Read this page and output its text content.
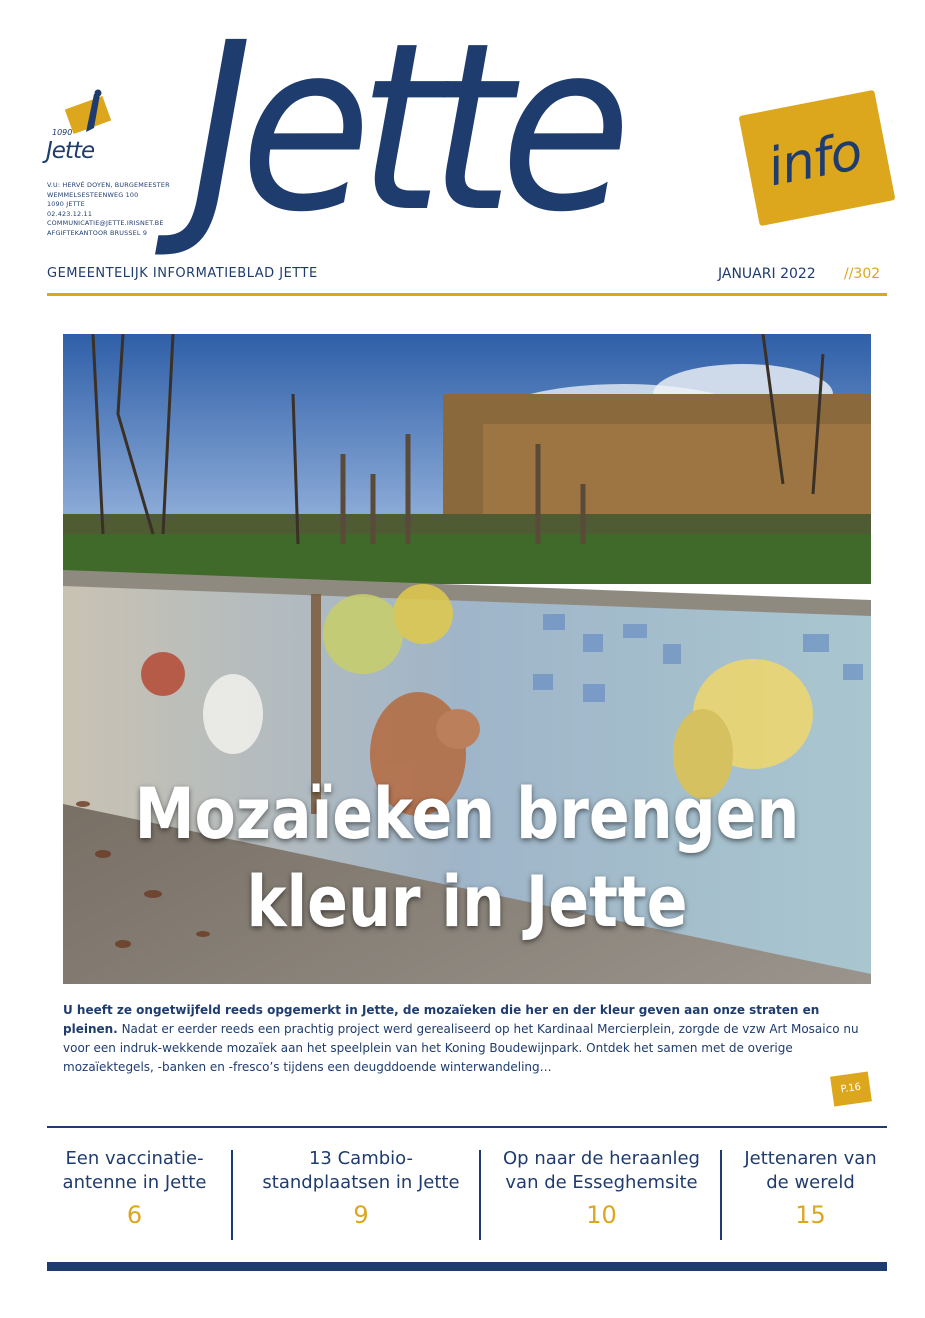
1090
Jette
V.U: HERVÉ DOYEN, BURGEMEESTER
WEMMELSESTEENWEG 100
1090 JETTE
02.423.12.11
COMMUNICATIE@JETTE.IRISNET.BE
AFGIFTEKANTOOR BRUSSEL 9 Jette	info
GEMEENTELIJK INFORMATIEBLAD JETTE	JANUARI 2022 //302
Mozaïeken brengen
kleur in Jette
U heeft ze ongetwijfeld reeds opgemerkt in Jette, de mozaïeken die her en der kleur geven aan onze straten en pleinen. Nadat er eerder reeds een prachtig project werd gerealiseerd op het Kardinaal Mercierplein, zorgde de vzw Art Mosaico nu voor een indruk-wekkende mozaïek aan het speelplein van het Koning Boudewijnpark. Ontdek het samen met de overige mozaïektegels, -banken en -fresco’s tijdens een deugddoende winterwandeling…
P.16
Een vaccinatie-
antenne in Jette
6
13 Cambio-
standplaatsen in Jette
9
Op naar de heraanleg
van de Esseghemsite
10
Jettenaren van
de wereld
15
